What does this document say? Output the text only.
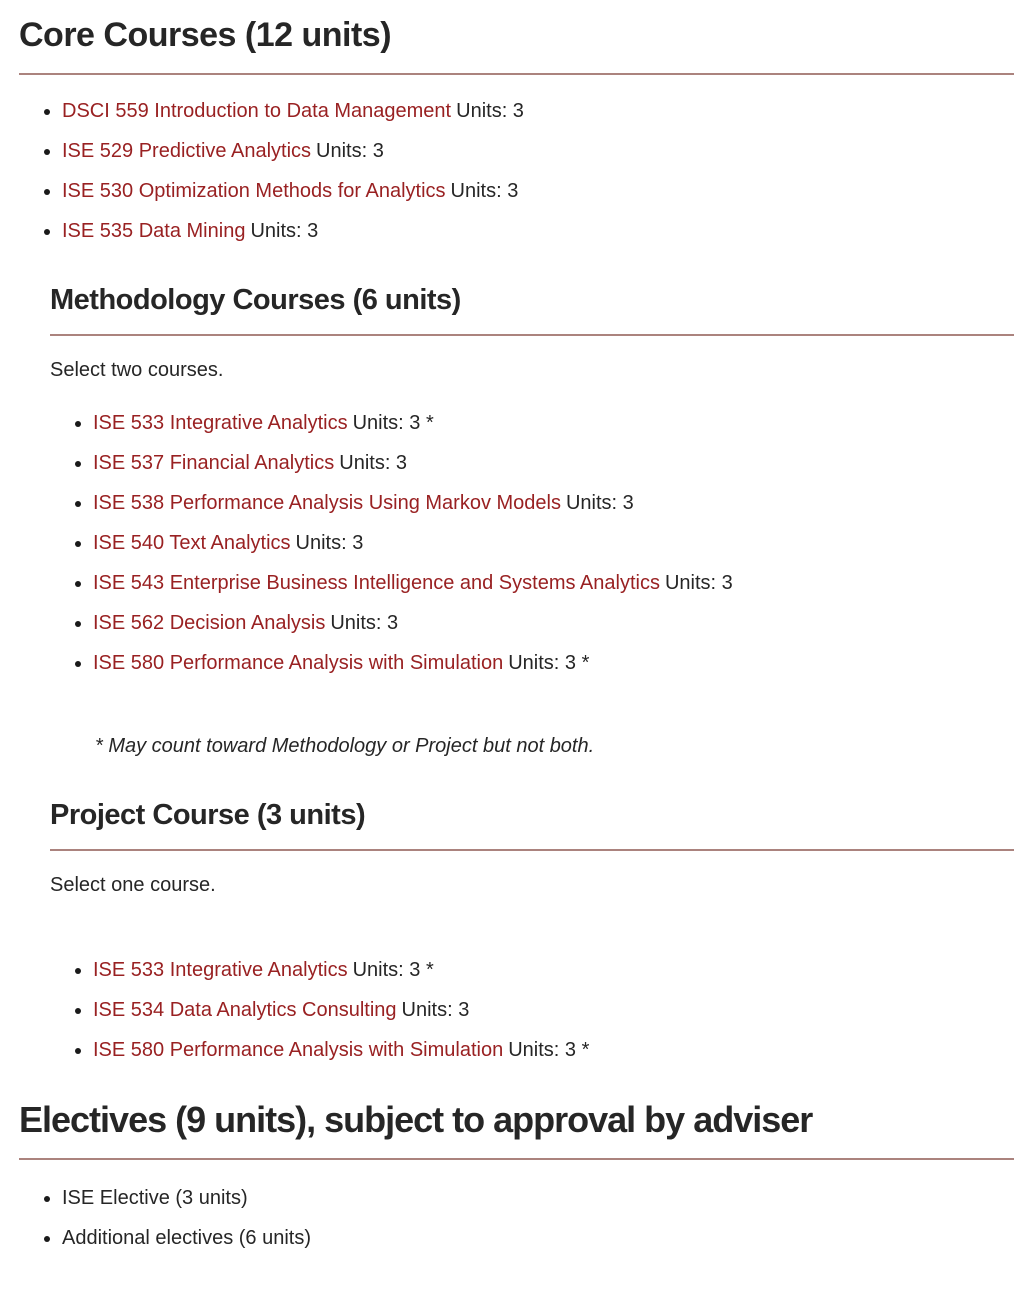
Core Courses (12 units)
• DSCI 559 Introduction to Data Management Units: 3
• ISE 529 Predictive Analytics Units: 3
• ISE 530 Optimization Methods for Analytics Units: 3
• ISE 535 Data Mining Units: 3
Methodology Courses (6 units)

Select two courses.

• ISE 533 Integrative Analytics Units: 3 *
• ISE 537 Financial Analytics Units: 3
• ISE 538 Performance Analysis Using Markov Models Units: 3
• ISE 540 Text Analytics Units: 3
• ISE 543 Enterprise Business Intelligence and Systems Analytics Units: 3
• ISE 562 Decision Analysis Units: 3
• ISE 580 Performance Analysis with Simulation Units: 3 *

* May count toward Methodology or Project but not both.

Project Course (3 units)

Select one course.

• ISE 533 Integrative Analytics Units: 3 *
• ISE 534 Data Analytics Consulting Units: 3
• ISE 580 Performance Analysis with Simulation Units: 3 *
Electives (9 units), subject to approval by adviser
• ISE Elective (3 units)
• Additional electives (6 units)
